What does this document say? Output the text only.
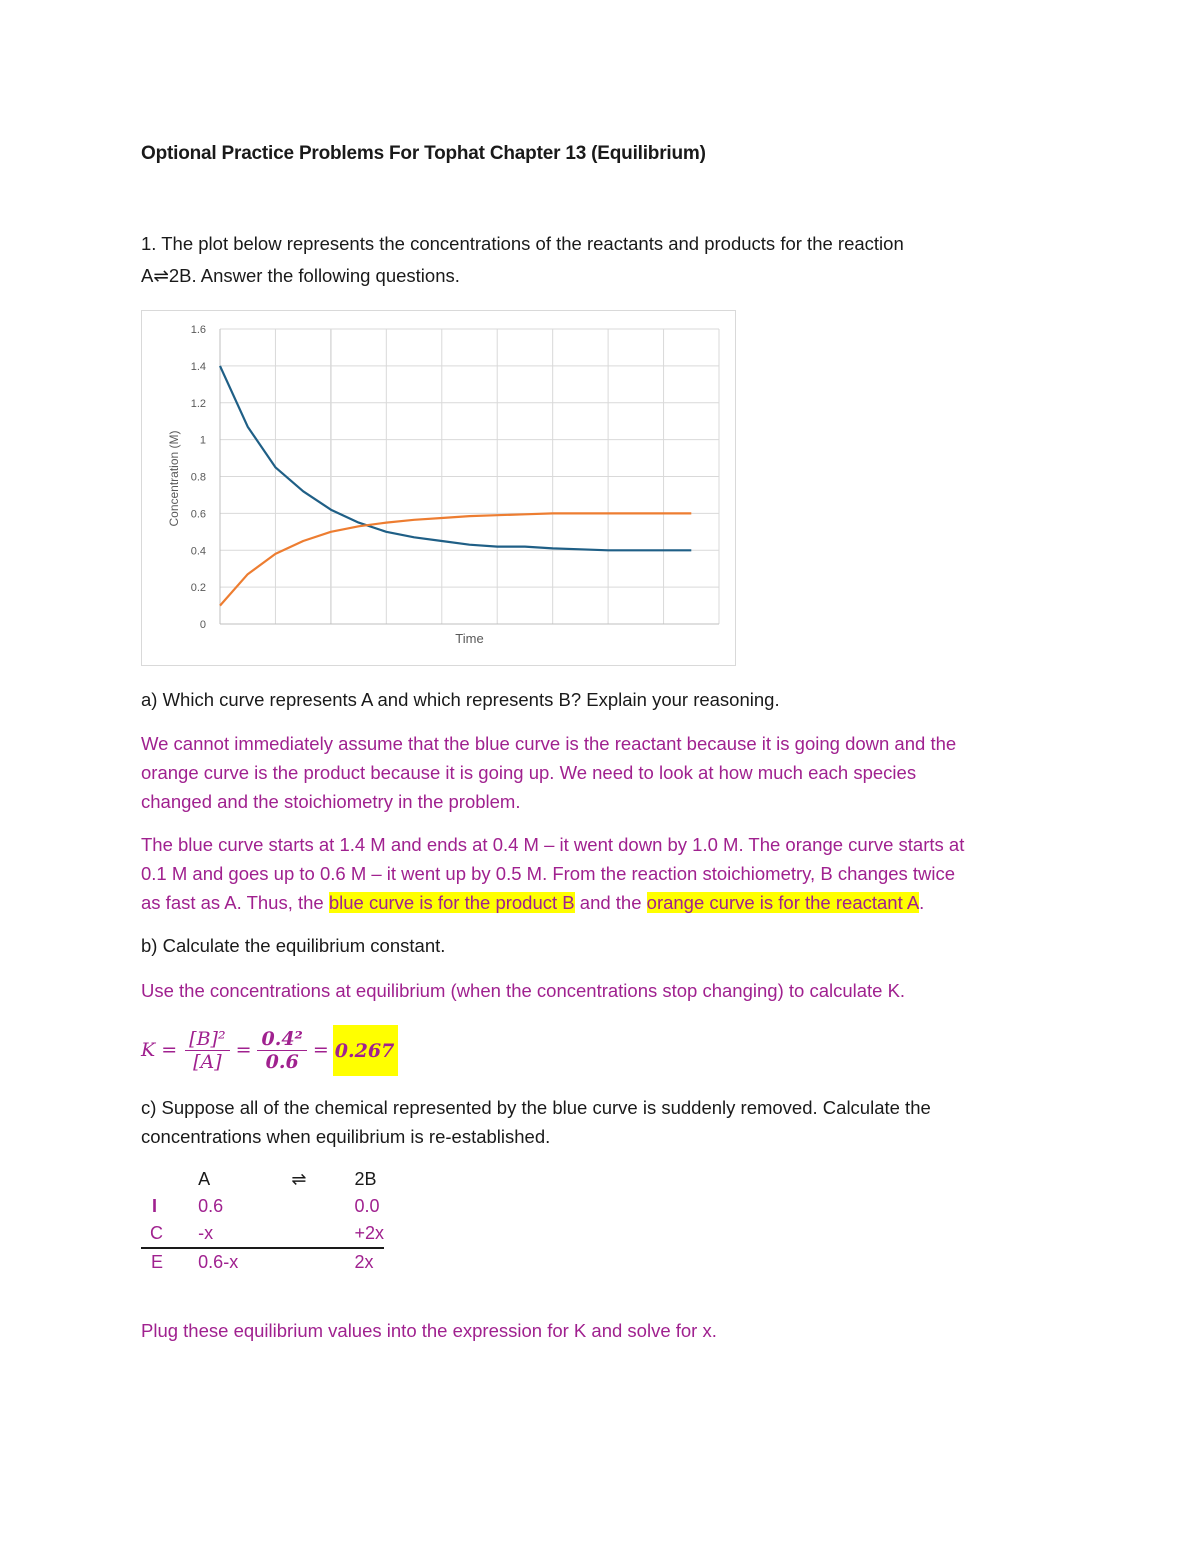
Optional Practice Problems For Tophat Chapter 13 (Equilibrium)
1. The plot below represents the concentrations of the reactants and products for the reaction
A⇌2B. Answer the following questions.
0
0.2
0.4
0.6
0.8
1
1.2
1.4
1.6
Time
Concentration (M)
a) Which curve represents A and which represents B? Explain your reasoning.
We cannot immediately assume that the blue curve is the reactant because it is going down and the
orange curve is the product because it is going up. We need to look at how much each species
changed and the stoichiometry in the problem.
The blue curve starts at 1.4 M and ends at 0.4 M – it went down by 1.0 M. The orange curve starts at
0.1 M and goes up to 0.6 M – it went up by 0.5 M. From the reaction stoichiometry, B changes twice
as fast as A. Thus, the blue curve is for the product B and the orange curve is for the reactant A.
b) Calculate the equilibrium constant.
Use the concentrations at equilibrium (when the concentrations stop changing) to calculate K.
$K = \frac{\text{[B]²}}{[A]} = \frac{\text{0.4²}}{0.6} = 0.267$
c) Suppose all of the chemical represented by the blue curve is suddenly removed. Calculate the
concentrations when equilibrium is re-established.
	A	⇌	2B
I	0.6		0.0
C	-x		+2x
E	0.6-x		2x
Plug these equilibrium values into the expression for K and solve for x.
